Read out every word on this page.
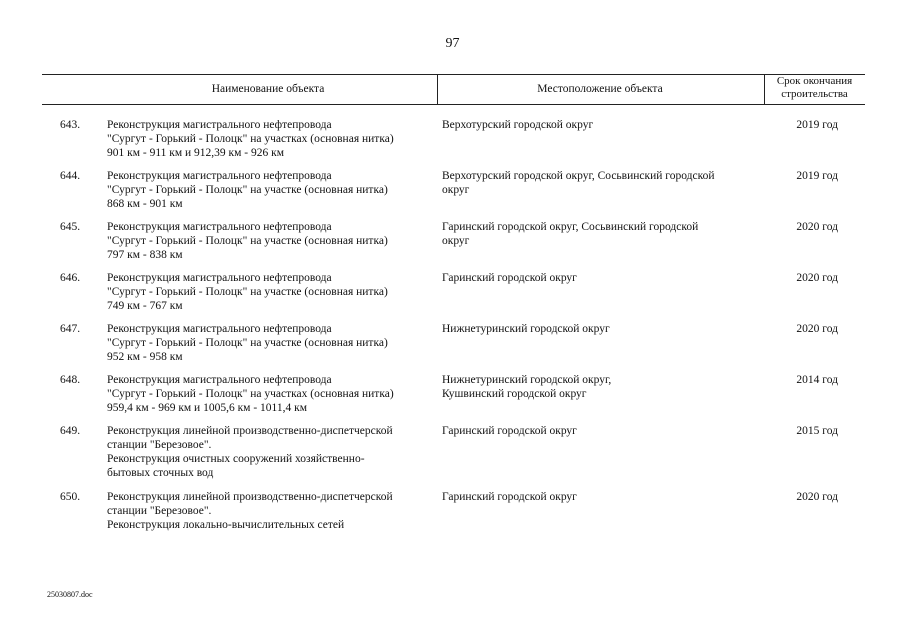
97
Наименование объекта	Местоположение объекта
Срок окончания
строительства
643.	Реконструкция магистрального нефтепровода
"Сургут - Горький - Полоцк" на участках (основная нитка)
901 км - 911 км и 912,39 км - 926 км
Верхотурский городской округ	2019 год
644.	Реконструкция магистрального нефтепровода
"Сургут - Горький - Полоцк" на участке (основная нитка)
868 км - 901 км
Верхотурский городской округ, Сосьвинский городской
округ
2019 год
645.	Реконструкция магистрального нефтепровода
"Сургут - Горький - Полоцк" на участке (основная нитка)
797 км - 838 км
Гаринский городской округ, Сосьвинский городской
округ
2020 год
646.	Реконструкция магистрального нефтепровода
"Сургут - Горький - Полоцк" на участке (основная нитка)
749 км - 767 км
Гаринский городской округ	2020 год
647.	Реконструкция магистрального нефтепровода
"Сургут - Горький - Полоцк" на участке (основная нитка)
952 км - 958 км
Нижнетуринский городской округ	2020 год
648.	Реконструкция магистрального нефтепровода
"Сургут - Горький - Полоцк" на участках (основная нитка)
959,4 км - 969 км и 1005,6 км - 1011,4 км
Нижнетуринский городской округ,
Кушвинский городской округ
2014 год
649.	Реконструкция линейной производственно-диспетчерской
станции "Березовое".
Реконструкция очистных сооружений хозяйственно-
бытовых сточных вод
Гаринский городской округ	2015 год
650.	Реконструкция линейной производственно-диспетчерской
станции "Березовое".
Реконструкция локально-вычислительных сетей
Гаринский городской округ	2020 год
25030807.doc
